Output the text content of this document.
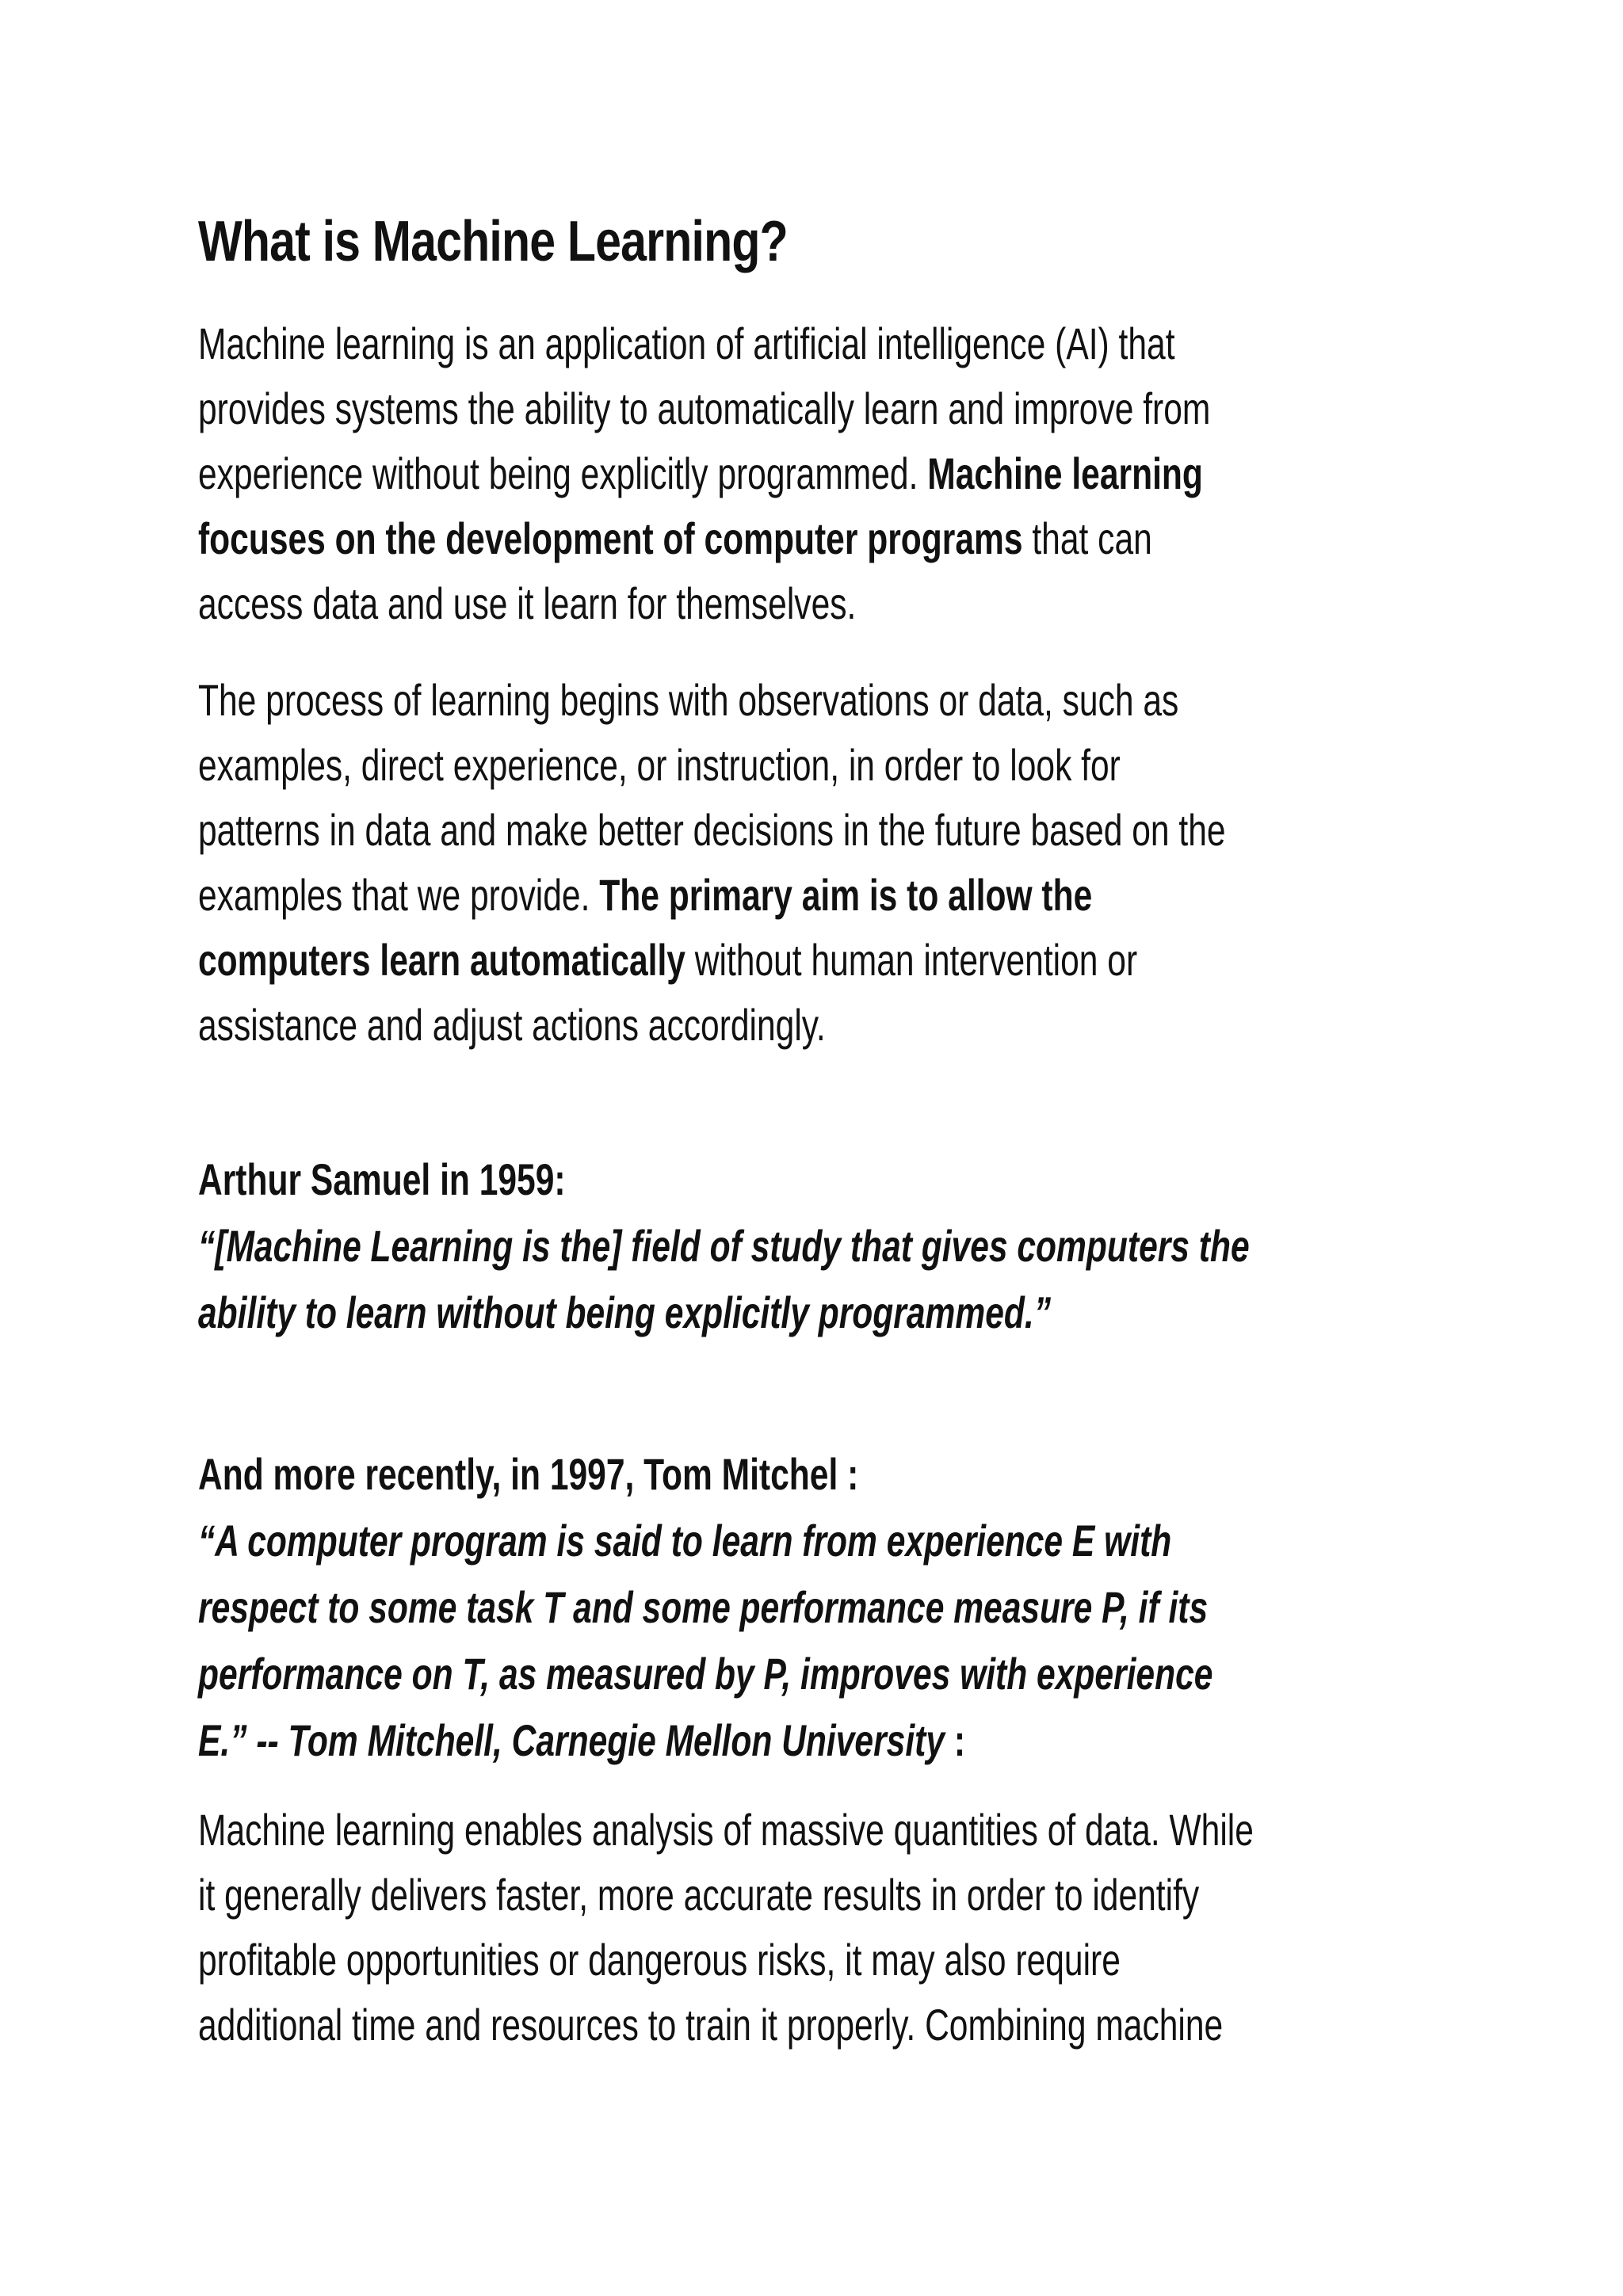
What is Machine Learning?
Machine learning is an application of artificial intelligence (AI) that
provides systems the ability to automatically learn and improve from
experience without being explicitly programmed. Machine learning
focuses on the development of computer programs that can
access data and use it learn for themselves.
The process of learning begins with observations or data, such as
examples, direct experience, or instruction, in order to look for
patterns in data and make better decisions in the future based on the
examples that we provide. The primary aim is to allow the
computers learn automatically without human intervention or
assistance and adjust actions accordingly.
Arthur Samuel in 1959:
“[Machine Learning is the] field of study that gives computers the
ability to learn without being explicitly programmed.”
And more recently, in 1997, Tom Mitchel :
“A computer program is said to learn from experience E with
respect to some task T and some performance measure P, if its
performance on T, as measured by P, improves with experience
E.” -- Tom Mitchell, Carnegie Mellon University :
Machine learning enables analysis of massive quantities of data. While
it generally delivers faster, more accurate results in order to identify
profitable opportunities or dangerous risks, it may also require
additional time and resources to train it properly. Combining machine
